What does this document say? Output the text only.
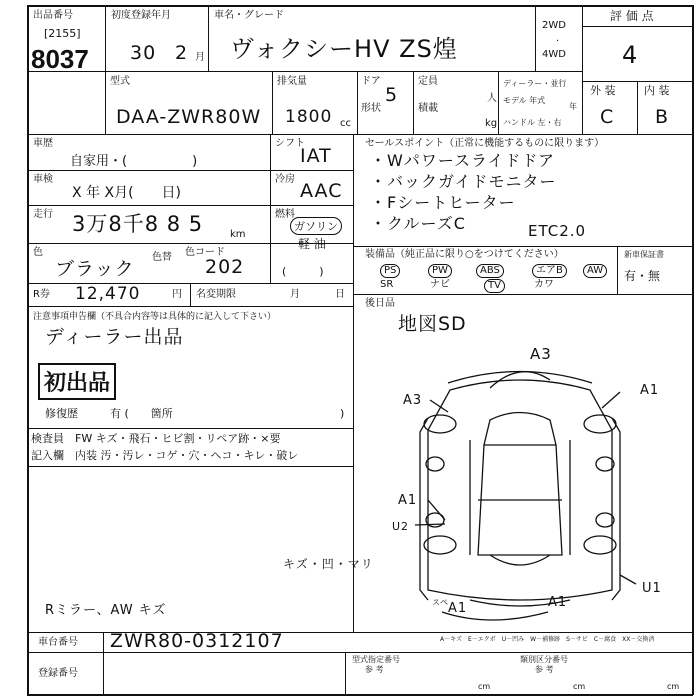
出品番号
[2155]
8037
初度登録年月
30 2 月
車名・グレード
ヴォクシーHV ZS煌
2WD
·
4WD
評 価 点
4
型式
DAA-ZWR80W
排気量
1800 cc
ドア
5
形状
定員
人
積載
kg
ディーラー・並行
モデル 年式
年
ハンドル 左・右
外 装	内 装
C B
車歴
自家用・(　　　　　)
シフト
IAT
車検
X 年 X月(　　日)
冷房
AAC
走行 3万8千8 8 5	km
燃料
ガソリン
軽 油
色
ブラック
色替 色コード
202	(　　　)
R券 12,470	円 名変期限	月	日
注意事項申告欄（不具合内容等は具体的に記入して下さい）
ディーラー出品
初出品
修復歴	有 (　　箇所	)
検査員
記入欄
FW キズ・飛石・ヒビ割・リペア跡・×要
内装 汚・汚レ・コゲ・穴・ヘコ・キレ・破レ
セールスポイント（正常に機能するものに限ります）
・Wパワースライドドア
・バックガイドモニター
・Fシートヒーター
・クルーズC	ETC2.0
装備品（純正品に限り○をつけてください）
PS	PW	ABS	エアB	AW
SR	ナビ	TV	カワ
新車保証書
有・無
後日品
地図SD
A3
A3
A1
A1
A1
U2
U1
A1
スペ
キズ・凹・マリ
Rミラー、AW キズ
A－キズ　E－エクボ　U－凹み　W－補修跡　S－サビ　C－腐食　XX－交換済
車台番号 ZWR80-0312107
登録番号
型式指定番号
参 考
類別区分番号
参 考
cm	cm	cm
